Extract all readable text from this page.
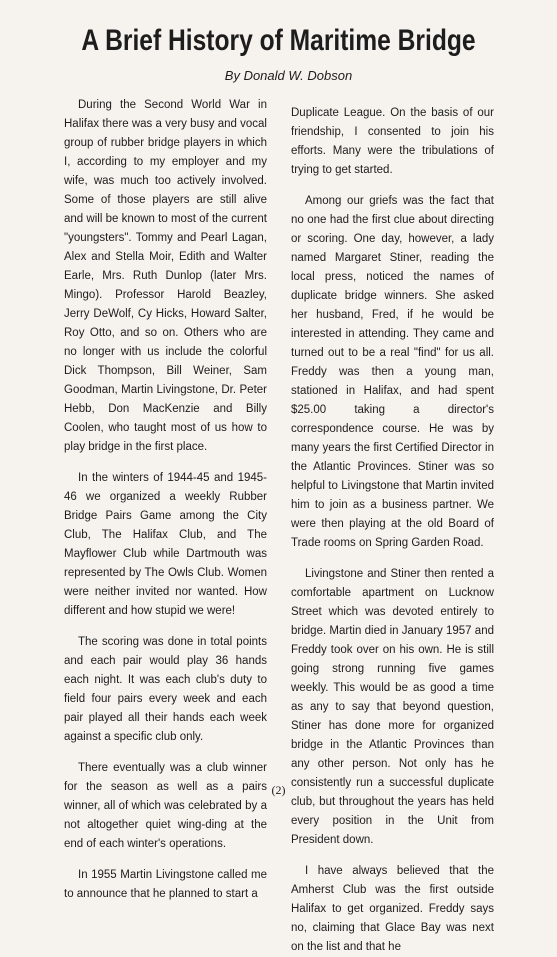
A Brief History of Maritime Bridge
By Donald W. Dobson

During the Second World War in Halifax there was a very busy and vocal group of rubber bridge players in which I, according to my employer and my wife, was much too actively involved. Some of those players are still alive and will be known to most of the current "youngsters". Tommy and Pearl Lagan, Alex and Stella Moir, Edith and Walter Earle, Mrs. Ruth Dunlop (later Mrs. Mingo). Professor Harold Beazley, Jerry DeWolf, Cy Hicks, Howard Salter, Roy Otto, and so on. Others who are no longer with us include the colorful Dick Thompson, Bill Weiner, Sam Goodman, Martin Livingstone, Dr. Peter Hebb, Don MacKenzie and Billy Coolen, who taught most of us how to play bridge in the first place.

In the winters of 1944-45 and 1945-46 we organized a weekly Rubber Bridge Pairs Game among the City Club, The Halifax Club, and The Mayflower Club while Dartmouth was represented by The Owls Club. Women were neither invited nor wanted. How different and how stupid we were!

The scoring was done in total points and each pair would play 36 hands each night. It was each club's duty to field four pairs every week and each pair played all their hands each week against a specific club only.

There eventually was a club winner for the season as well as a pairs winner, all of which was celebrated by a not altogether quiet wing-ding at the end of each winter's operations.

In 1955 Martin Livingstone called me to announce that he planned to start a

Duplicate League. On the basis of our friendship, I consented to join his efforts. Many were the tribulations of trying to get started.

Among our griefs was the fact that no one had the first clue about directing or scoring. One day, however, a lady named Margaret Stiner, reading the local press, noticed the names of duplicate bridge winners. She asked her husband, Fred, if he would be interested in attending. They came and turned out to be a real "find" for us all. Freddy was then a young man, stationed in Halifax, and had spent $25.00 taking a director's correspondence course. He was by many years the first Certified Director in the Atlantic Provinces. Stiner was so helpful to Livingstone that Martin invited him to join as a business partner. We were then playing at the old Board of Trade rooms on Spring Garden Road.

Livingstone and Stiner then rented a comfortable apartment on Lucknow Street which was devoted entirely to bridge. Martin died in January 1957 and Freddy took over on his own. He is still going strong running five games weekly. This would be as good a time as any to say that beyond question, Stiner has done more for organized bridge in the Atlantic Provinces than any other person. Not only has he consistently run a successful duplicate club, but throughout the years has held every position in the Unit from President down.

I have always believed that the Amherst Club was the first outside Halifax to get organized. Freddy says no, claiming that Glace Bay was next on the list and that he

(2)
